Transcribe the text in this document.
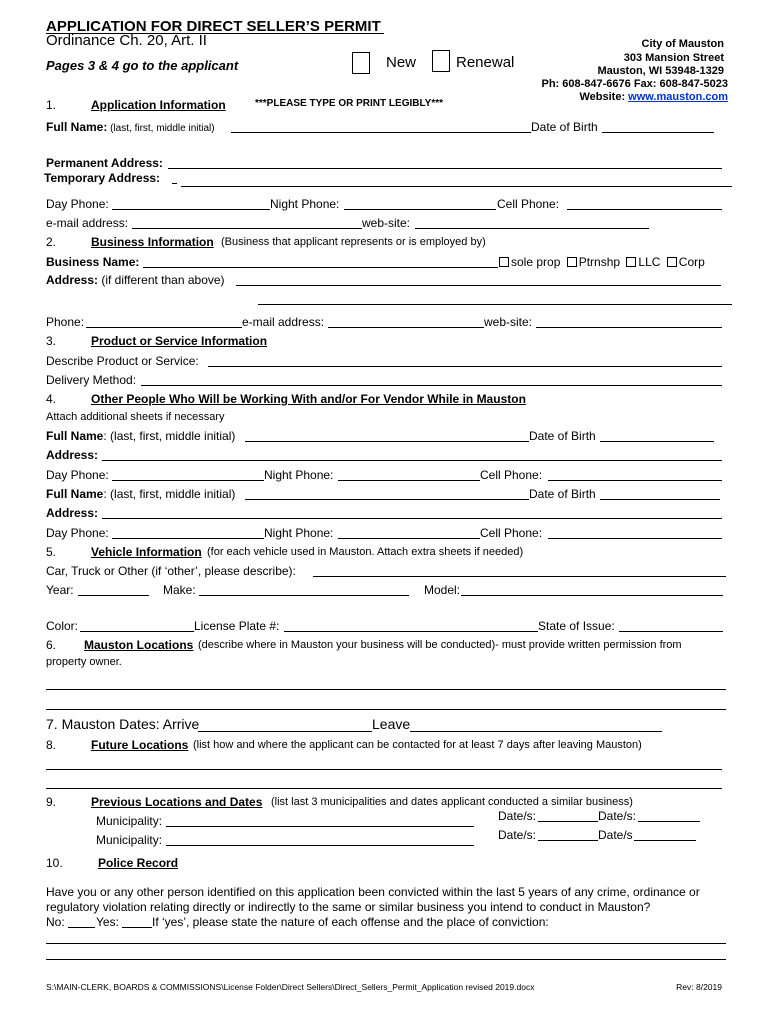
APPLICATION FOR DIRECT SELLER’S PERMIT
Ordinance Ch. 20, Art. II
Pages 3 & 4 go to the applicant	New	Renewal
City of Mauston
303 Mansion Street
Mauston, WI 53948-1329
Ph: 608-847-6676 Fax: 608-847-5023
Website: www.mauston.com
1.	Application Information	***PLEASE TYPE OR PRINT LEGIBLY***
Full Name: (last, first, middle initial)	Date of Birth
Permanent Address:
Temporary Address:
Day Phone:	Night Phone:	Cell Phone:
e-mail address:	web-site:
2.	Business Information (Business that applicant represents or is employed by)
Business Name:	sole prop Ptrnshp LLC Corp
Address: (if different than above)
Phone:	e-mail address:	web-site:
3.	Product or Service Information
Describe Product or Service:
Delivery Method:
4.	Other People Who Will be Working With and/or For Vendor While in Mauston
Attach additional sheets if necessary
Full Name: (last, first, middle initial)	Date of Birth
Address:
Day Phone:	Night Phone:	Cell Phone:
Full Name: (last, first, middle initial)	Date of Birth
Address:
Day Phone:	Night Phone:	Cell Phone:
5.	Vehicle Information (for each vehicle used in Mauston. Attach extra sheets if needed)
Car, Truck or Other (if ‘other’, please describe):
Year:	Make:	Model:
Color:	License Plate #:	State of Issue:
6. Mauston Locations (describe where in Mauston your business will be conducted)- must provide written permission from
property owner.
7. Mauston Dates: Arrive	Leave
8.	Future Locations (list how and where the applicant can be contacted for at least 7 days after leaving Mauston)
9.	Previous Locations and Dates (list last 3 municipalities and dates applicant conducted a similar business)
Municipality:	Date/s:	Date/s:
Municipality:	Date/s:	Date/s
10.	Police Record
Have you or any other person identified on this application been convicted within the last 5 years of any crime, ordinance or regulatory violation relating directly or indirectly to the same or similar business you intend to conduct in Mauston?
No:	Yes:	If ‘yes’, please state the nature of each offense and the place of conviction:
S:\MAIN-CLERK, BOARDS & COMMISSIONS\License Folder\Direct Sellers\Direct_Sellers_Permit_Application revised 2019.docx	Rev: 8/2019
